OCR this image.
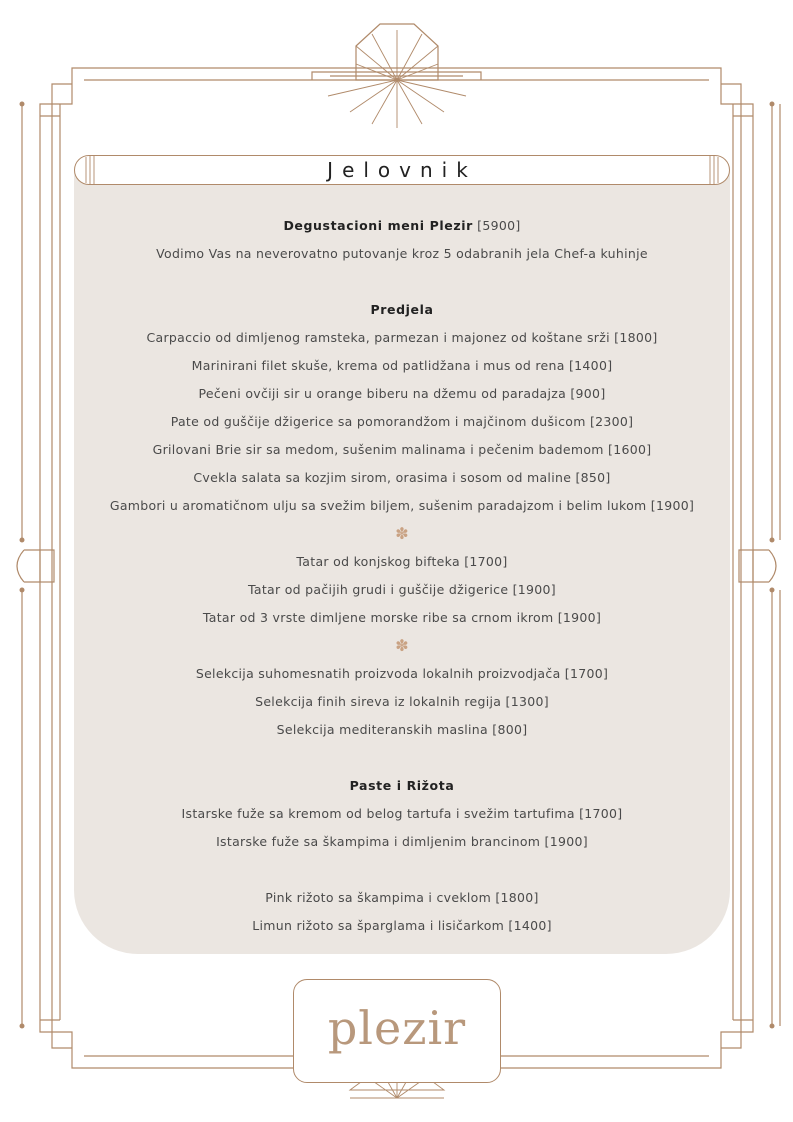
Jelovnik
Degustacioni meni Plezir [5900]
Vodimo Vas na neverovatno putovanje kroz 5 odabranih jela Chef-a kuhinje
Predjela
Carpaccio od dimljenog ramsteka, parmezan i majonez od koštane srži [1800]
Marinirani filet skuše, krema od patlidžana i mus od rena [1400]
Pečeni ovčiji sir u orange biberu na džemu od paradajza [900]
Pate od guščije džigerice sa pomorandžom i majčinom dušicom [2300]
Grilovani Brie sir sa medom, sušenim malinama i pečenim bademom [1600]
Cvekla salata sa kozjim sirom, orasima i sosom od maline [850]
Gambori u aromatičnom ulju sa svežim biljem, sušenim paradajzom i belim lukom [1900]
✽
Tatar od konjskog bifteka [1700]
Tatar od pačijih grudi i guščije džigerice [1900]
Tatar od 3 vrste dimljene morske ribe sa crnom ikrom [1900]
✽
Selekcija suhomesnatih proizvoda lokalnih proizvodjača [1700]
Selekcija finih sireva iz lokalnih regija [1300]
Selekcija mediteranskih maslina [800]
Paste i Rižota
Istarske fuže sa kremom od belog tartufa i svežim tartufima [1700]
Istarske fuže sa škampima i dimljenim brancinom [1900]
Pink rižoto sa škampima i cveklom [1800]
Limun rižoto sa šparglama i lisičarkom [1400]
plezir
